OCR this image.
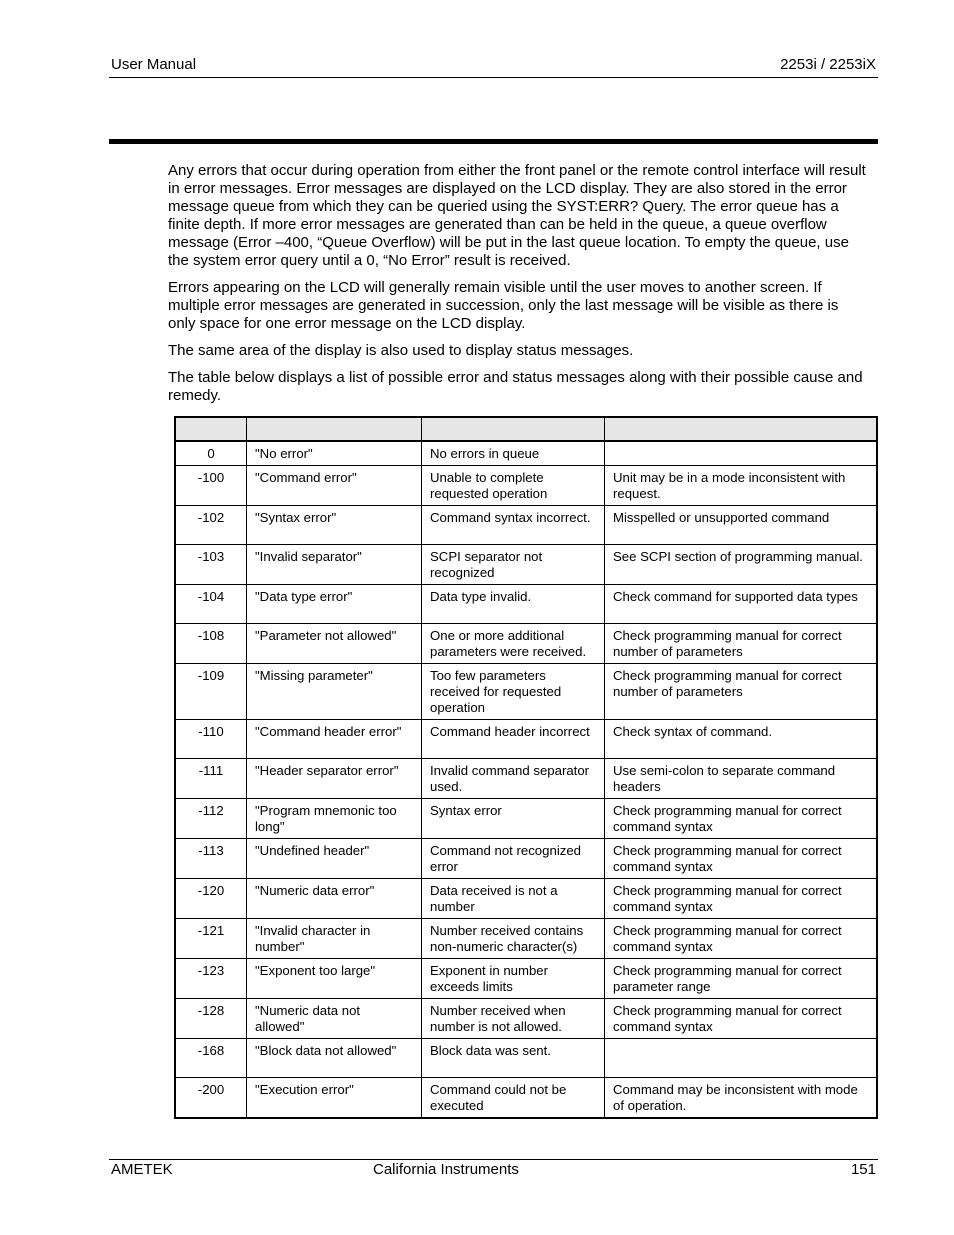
User Manual	2253i / 2253iX

Any errors that occur during operation from either the front panel or the remote control interface will result in error messages. Error messages are displayed on the LCD display. They are also stored in the error message queue from which they can be queried using the SYST:ERR? Query. The error queue has a finite depth. If more error messages are generated than can be held in the queue, a queue overflow message (Error –400, “Queue Overflow) will be put in the last queue location. To empty the queue, use the system error query until a 0, “No Error” result is received.

Errors appearing on the LCD will generally remain visible until the user moves to another screen. If multiple error messages are generated in succession, only the last message will be visible as there is only space for one error message on the LCD display.

The same area of the display is also used to display status messages.

The table below displays a list of possible error and status messages along with their possible cause and remedy.

0	"No error"	No errors in queue	
-100	"Command error"	Unable to complete requested operation	Unit may be in a mode inconsistent with request.
-102	"Syntax error"	Command syntax incorrect.	Misspelled or unsupported command
-103	"Invalid separator"	SCPI separator not recognized	See SCPI section of programming manual.
-104	"Data type error"	Data type invalid.	Check command for supported data types
-108	"Parameter not allowed"	One or more additional parameters were received.	Check programming manual for correct number of parameters
-109	"Missing parameter"	Too few parameters received for requested operation	Check programming manual for correct number of parameters
-110	"Command header error"	Command header incorrect	Check syntax of command.
-111	"Header separator error"	Invalid command separator used.	Use semi-colon to separate command headers
-112	"Program mnemonic too long"	Syntax error	Check programming manual for correct command syntax
-113	"Undefined header"	Command not recognized error	Check programming manual for correct command syntax
-120	"Numeric data error"	Data received is not a number	Check programming manual for correct command syntax
-121	"Invalid character in number"	Number received contains non-numeric character(s)	Check programming manual for correct command syntax
-123	"Exponent too large"	Exponent in number exceeds limits	Check programming manual for correct parameter range
-128	"Numeric data not allowed"	Number received when number is not allowed.	Check programming manual for correct command syntax
-168	"Block data not allowed"	Block data was sent.	
-200	"Execution error"	Command could not be executed	Command may be inconsistent with mode of operation.
AMETEK	California Instruments	151
